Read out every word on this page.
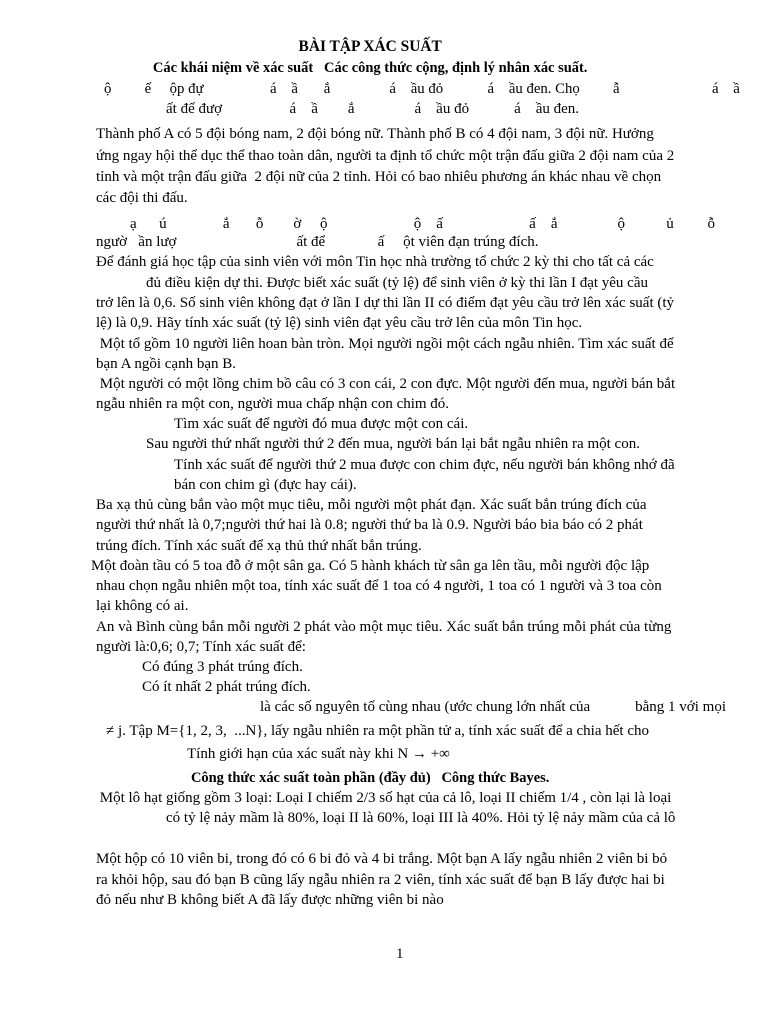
BÀI TẬP XÁC SUẤT
Các khái niệm về xác suất   Các công thức cộng, định lý nhân xác suất.
ộ         ế     ộp đự                  á    ầ       ắ                á    ầu đỏ            á    ầu đen. Chọ         ẫ                         á    ầ
ất để đượ                  á    ầ        ắ                á    ầu đỏ            á    ầu đen.
Thành phố A có 5 đội bóng nam, 2 đội bóng nữ. Thành phố B có 4 đội nam, 3 đội nữ. Hưởng
ứng ngay hội thể dục thể thao toàn dân, người ta định tổ chức một trận đấu giữa 2 đội nam của 2
tỉnh và một trận đấu giữa  2 đội nữ của 2 tỉnh. Hỏi có bao nhiêu phương án khác nhau về chọn
các đội thi đấu.
ạ      ú               ắ       ỗ        ờ     ộ                       ộ    ấ                       ấ    ắ                ộ           ủ         ỗ
ngườ   ần lượ                                ất để              ấ     ột viên đạn trúng đích.
Để đánh giá học tập của sinh viên với môn Tin học nhà trường tổ chức 2 kỳ thi cho tất cả các
đủ điều kiện dự thi. Được biết xác suất (tỷ lệ) để sinh viên ở kỳ thi lần I đạt yêu cầu
trở lên là 0,6. Số sinh viên không đạt ở lần I dự thi lần II có điểm đạt yêu cầu trở lên xác suất (tỷ
lệ) là 0,9. Hãy tính xác suất (tỷ lệ) sinh viên đạt yêu cầu trở lên của môn Tin học.
Một tổ gồm 10 người liên hoan bàn tròn. Mọi người ngồi một cách ngẫu nhiên. Tìm xác suất để
bạn A ngồi cạnh bạn B.
Một người có một lồng chim bồ câu có 3 con cái, 2 con đực. Một người đến mua, người bán bắt
ngẫu nhiên ra một con, người mua chấp nhận con chim đó.
Tìm xác suất để người đó mua được một con cái.
Sau người thứ nhất người thứ 2 đến mua, người bán lại bắt ngẫu nhiên ra một con.
Tính xác suất để người thứ 2 mua được con chim đực, nếu người bán không nhớ đã
bán con chim gì (đực hay cái).
Ba xạ thủ cùng bắn vào một mục tiêu, mỗi người một phát đạn. Xác suất bắn trúng đích của
người thứ nhất là 0,7;người thứ hai là 0.8; người thứ ba là 0.9. Người báo bia báo có 2 phát
trúng đích. Tính xác suất để xạ thủ thứ nhất bắn trúng.
Một đoàn tầu có 5 toa đỗ ở một sân ga. Có 5 hành khách từ sân ga lên tầu, mỗi người độc lập
nhau chọn ngẫu nhiên một toa, tính xác suất để 1 toa có 4 người, 1 toa có 1 người và 3 toa còn
lại không có ai.
An và Bình cùng bắn mỗi người 2 phát vào một mục tiêu. Xác suất bắn trúng mỗi phát của từng
người là:0,6; 0,7; Tính xác suất để:
Có đúng 3 phát trúng đích.
Có ít nhất 2 phát trúng đích.
là các số nguyên tố cùng nhau (ước chung lớn nhất của            bằng 1 với mọi
≠ j. Tập M={1, 2, 3,  ...N}, lấy ngẫu nhiên ra một phần tử a, tính xác suất để a chia hết cho
Tính giới hạn của xác suất này khi N → +∞
Công thức xác suất toàn phần (đầy đủ)   Công thức Bayes.
Một lô hạt giống gồm 3 loại: Loại I chiếm 2/3 số hạt của cả lô, loại II chiếm 1/4 , còn lại là loại
có tỷ lệ nảy mầm là 80%, loại II là 60%, loại III là 40%. Hỏi tỷ lệ nảy mầm của cả lô
Một hộp có 10 viên bi, trong đó có 6 bi đỏ và 4 bi trắng. Một bạn A lấy ngẫu nhiên 2 viên bi bỏ
ra khỏi hộp, sau đó bạn B cũng lấy ngẫu nhiên ra 2 viên, tính xác suất để bạn B lấy được hai bi
đỏ nếu như B không biết A đã lấy được những viên bi nào
1
